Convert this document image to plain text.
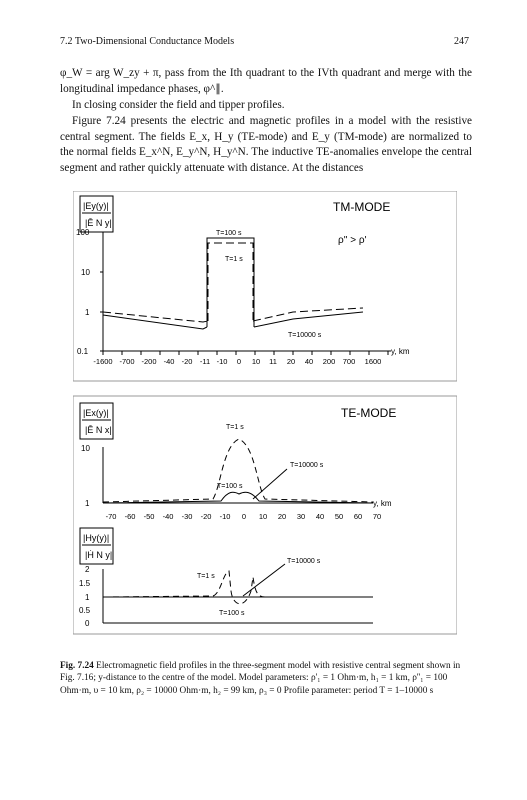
7.2 Two-Dimensional Conductance Models	247
φ_W = arg W_zy + π, pass from the Ith quadrant to the IVth quadrant and merge with the longitudinal impedance phases, φ^∥.
In closing consider the field and tipper profiles.
Figure 7.24 presents the electric and magnetic profiles in a model with the resistive central segment. The fields E_x, H_y (TE-mode) and E_y (TM-mode) are normalized to the normal fields E_x^N, E_y^N, H_y^N. The inductive TE-anomalies envelope the central segment and rather quickly attenuate with distance. At the distances
|Ey(y)|
|Ē N y|
TM-MODE
ρ'' > ρ'
100
10
1
0.1
-1600 -700 -200 -40 -20 -11 -10 0 10 11 20 40 200 700 1600
y, km
T=100 s
T=1 s
T=10000 s
|Ex(y)|
|Ē N x|
TE-MODE
10
1
-70 -60 -50 -40 -30 -20 -10 0 10 20 30 40 50 60 70
y, km
T=1 s
T=10000 s
T=100 s
|Hy(y)|
|Ḣ N y|
2
1.5
1
0.5
0
T=10000 s
T=1 s
T=100 s
Fig. 7.24 Electromagnetic field profiles in the three-segment model with resistive central segment shown in Fig. 7.16; y-distance to the centre of the model. Model parameters: ρ'₁ = 1 Ohm·m, h₁ = 1 km, ρ''₁ = 100 Ohm·m, υ = 10 km, ρ₂ = 10000 Ohm·m, h₂ = 99 km, ρ₃ = 0 Profile parameter: period T = 1–10000 s
